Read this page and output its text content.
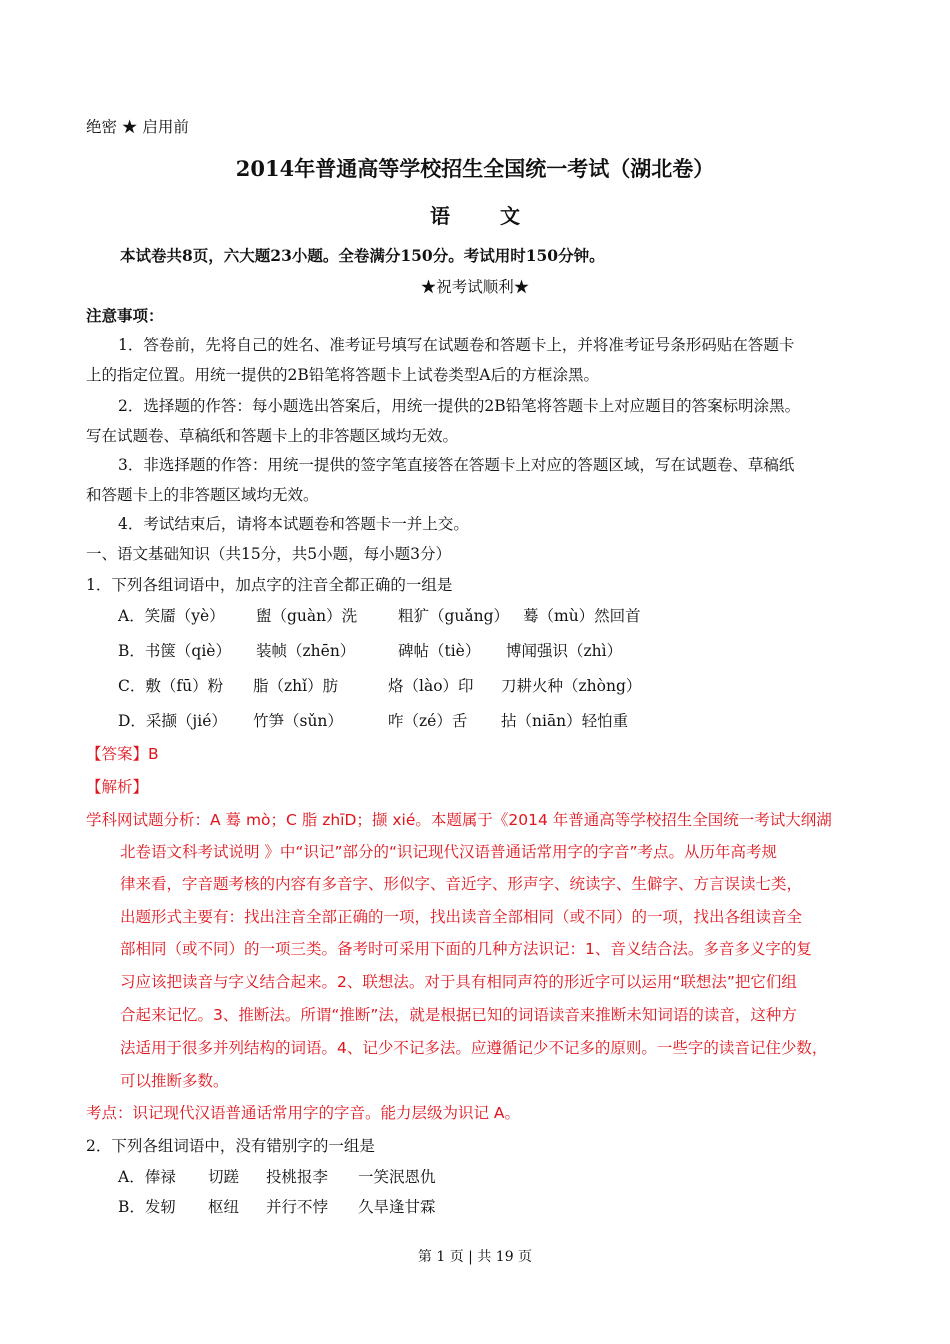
绝密 ★ 启用前
2014年普通高等学校招生全国统一考试（湖北卷）
语文
本试卷共8页，六大题23小题。全卷满分150分。考试用时150分钟。
★祝考试顺利★
注意事项：
1．答卷前，先将自己的姓名、准考证号填写在试题卷和答题卡上，并将准考证号条形码贴在答题卡
上的指定位置。用统一提供的2B铅笔将答题卡上试卷类型A后的方框涂黑。
2．选择题的作答：每小题选出答案后，用统一提供的2B铅笔将答题卡上对应题目的答案标明涂黑。
写在试题卷、草稿纸和答题卡上的非答题区域均无效。
3．非选择题的作答：用统一提供的签字笔直接答在答题卡上对应的答题区域，写在试题卷、草稿纸
和答题卡上的非答题区域均无效。
4．考试结束后，请将本试题卷和答题卡一并上交。
一、语文基础知识（共15分，共5小题，每小题3分）
1．下列各组词语中，加点字的注音全都正确的一组是
A．笑靥（yè） 盥（guàn）洗	粗犷（guǎng） 蓦（mù）然回首
B．书箧（qiè） 装帧（zhēn）	碑帖（tiè） 博闻强识（zhì）
C．敷（fū）粉 脂（zhǐ）肪	烙（lào）印 刀耕火种（zhòng）
D．采撷（jié） 竹笋（sǔn）	咋（zé）舌 拈（niān）轻怕重
【答案】B
【解析】
学科网试题分析：A 蓦 mò；C 脂 zhīD；撷 xié。本题属于《2014 年普通高等学校招生全国统一考试大纲湖
北卷语文科考试说明 》中“识记”部分的“识记现代汉语普通话常用字的字音”考点。从历年高考规
律来看，字音题考核的内容有多音字、形似字、音近字、形声字、统读字、生僻字、方言误读七类，
出题形式主要有：找出注音全部正确的一项，找出读音全部相同（或不同）的一项，找出各组读音全
部相同（或不同）的一项三类。备考时可采用下面的几种方法识记：1、音义结合法。多音多义字的复
习应该把读音与字义结合起来。2、联想法。对于具有相同声符的形近字可以运用“联想法”把它们组
合起来记忆。3、推断法。所谓“推断”法，就是根据已知的词语读音来推断未知词语的读音，这种方
法适用于很多并列结构的词语。4、记少不记多法。应遵循记少不记多的原则。一些字的读音记住少数，
可以推断多数。
考点：识记现代汉语普通话常用字的字音。能力层级为识记 A。
2．下列各组词语中，没有错别字的一组是
A．俸禄 切蹉 投桃报李 一笑泯恩仇
B．发轫 枢纽 并行不悖 久旱逢甘霖
第 1 页 | 共 19 页
